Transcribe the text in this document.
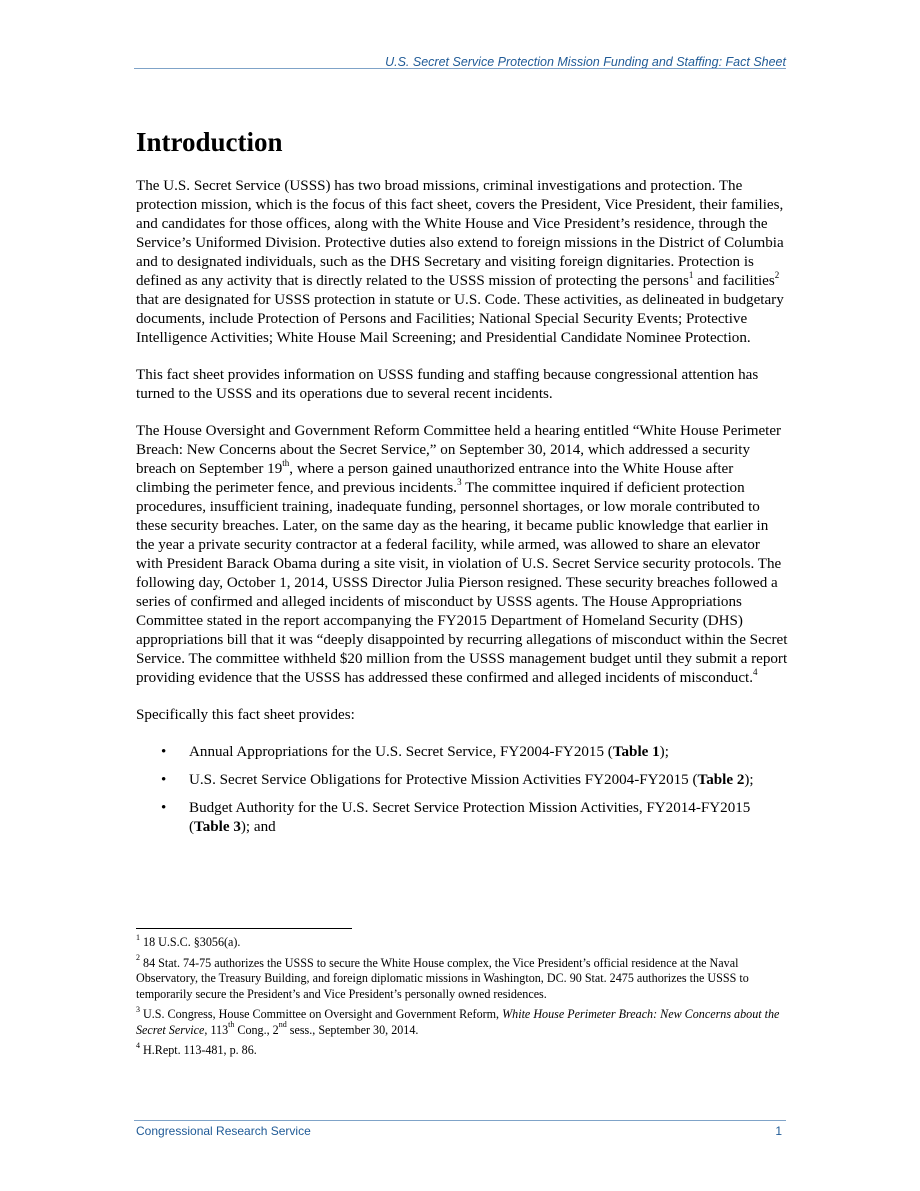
U.S. Secret Service Protection Mission Funding and Staffing: Fact Sheet
Introduction

The U.S. Secret Service (USSS) has two broad missions, criminal investigations and protection. The protection mission, which is the focus of this fact sheet, covers the President, Vice President, their families, and candidates for those offices, along with the White House and Vice President’s residence, through the Service’s Uniformed Division. Protective duties also extend to foreign missions in the District of Columbia and to designated individuals, such as the DHS Secretary and visiting foreign dignitaries. Protection is defined as any activity that is directly related to the USSS mission of protecting the persons$^1$ and facilities$^2$ that are designated for USSS protection in statute or U.S. Code. These activities, as delineated in budgetary documents, include Protection of Persons and Facilities; National Special Security Events; Protective Intelligence Activities; White House Mail Screening; and Presidential Candidate Nominee Protection.

This fact sheet provides information on USSS funding and staffing because congressional attention has turned to the USSS and its operations due to several recent incidents.

The House Oversight and Government Reform Committee held a hearing entitled “White House Perimeter Breach: New Concerns about the Secret Service,” on September 30, 2014, which addressed a security breach on September 19th, where a person gained unauthorized entrance into the White House after climbing the perimeter fence, and previous incidents.$^3$ The committee inquired if deficient protection procedures, insufficient training, inadequate funding, personnel shortages, or low morale contributed to these security breaches. Later, on the same day as the hearing, it became public knowledge that earlier in the year a private security contractor at a federal facility, while armed, was allowed to share an elevator with President Barack Obama during a site visit, in violation of U.S. Secret Service security protocols. The following day, October 1, 2014, USSS Director Julia Pierson resigned. These security breaches followed a series of confirmed and alleged incidents of misconduct by USSS agents. The House Appropriations Committee stated in the report accompanying the FY2015 Department of Homeland Security (DHS) appropriations bill that it was “deeply disappointed by recurring allegations of misconduct within the Secret Service. The committee withheld $20 million from the USSS management budget until they submit a report providing evidence that the USSS has addressed these confirmed and alleged incidents of misconduct.$^4$

Specifically this fact sheet provides:

• Annual Appropriations for the U.S. Secret Service, FY2004-FY2015 (Table 1);
• U.S. Secret Service Obligations for Protective Mission Activities FY2004-FY2015 (Table 2);
• Budget Authority for the U.S. Secret Service Protection Mission Activities, FY2014-FY2015 (Table 3); and

$^1$ 18 U.S.C. §3056(a).

$^2$ 84 Stat. 74-75 authorizes the USSS to secure the White House complex, the Vice President’s official residence at the Naval Observatory, the Treasury Building, and foreign diplomatic missions in Washington, DC. 90 Stat. 2475 authorizes the USSS to temporarily secure the President’s and Vice President’s personally owned residences.

$^3$ U.S. Congress, House Committee on Oversight and Government Reform, White House Perimeter Breach: New Concerns about the Secret Service, 113th Cong., 2nd sess., September 30, 2014.

$^4$ H.Rept. 113-481, p. 86.

Congressional Research Service	1
